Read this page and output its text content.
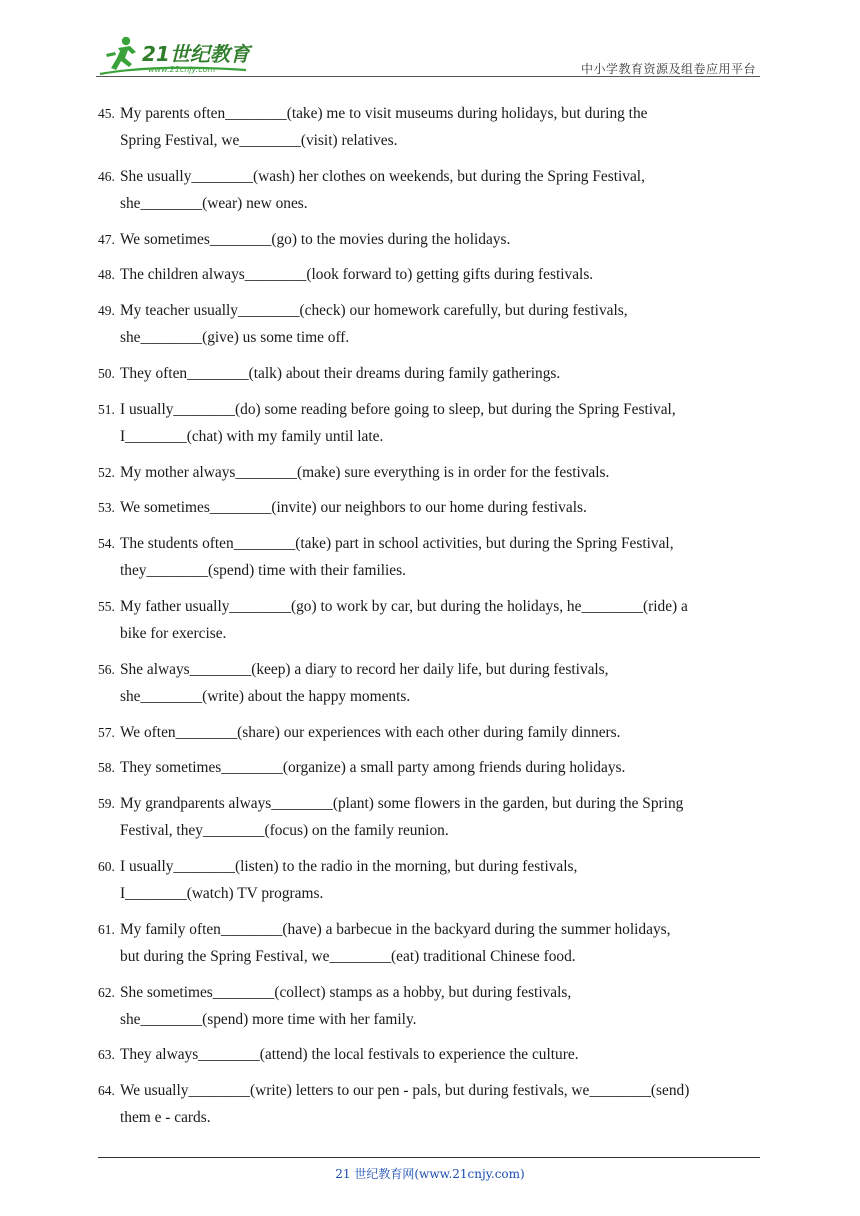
21世纪教育
www.21cnjy.com	中小学教育资源及组卷应用平台
45. My parents often________(take) me to visit museums during holidays, but during the
Spring Festival, we________(visit) relatives.
46. She usually________(wash) her clothes on weekends, but during the Spring Festival,
she________(wear) new ones.
47. We sometimes________(go) to the movies during the holidays.
48. The children always________(look forward to) getting gifts during festivals.
49. My teacher usually________(check) our homework carefully, but during festivals,
she________(give) us some time off.
50. They often________(talk) about their dreams during family gatherings.
51. I usually________(do) some reading before going to sleep, but during the Spring Festival,
I________(chat) with my family until late.
52. My mother always________(make) sure everything is in order for the festivals.
53. We sometimes________(invite) our neighbors to our home during festivals.
54. The students often________(take) part in school activities, but during the Spring Festival,
they________(spend) time with their families.
55. My father usually________(go) to work by car, but during the holidays, he________(ride) a
bike for exercise.
56. She always________(keep) a diary to record her daily life, but during festivals,
she________(write) about the happy moments.
57. We often________(share) our experiences with each other during family dinners.
58. They sometimes________(organize) a small party among friends during holidays.
59. My grandparents always________(plant) some flowers in the garden, but during the Spring
Festival, they________(focus) on the family reunion.
60. I usually________(listen) to the radio in the morning, but during festivals,
I________(watch) TV programs.
61. My family often________(have) a barbecue in the backyard during the summer holidays,
but during the Spring Festival, we________(eat) traditional Chinese food.
62. She sometimes________(collect) stamps as a hobby, but during festivals,
she________(spend) more time with her family.
63. They always________(attend) the local festivals to experience the culture.
64. We usually________(write) letters to our pen - pals, but during festivals, we________(send)
them e - cards.
21 世纪教育网(www.21cnjy.com)
